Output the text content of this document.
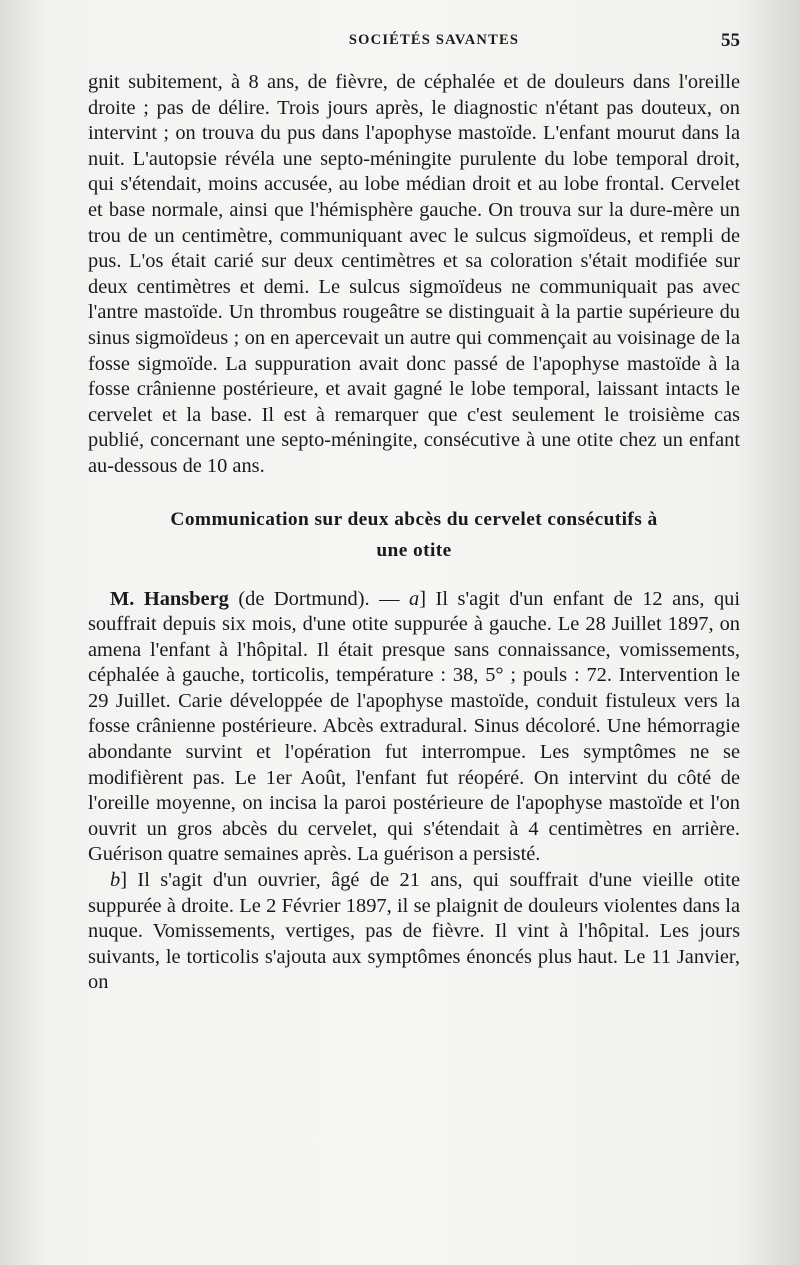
SOCIÉTÉS SAVANTES	55

gnit subitement, à 8 ans, de fièvre, de céphalée et de douleurs dans l'oreille droite ; pas de délire. Trois jours après, le diagnostic n'étant pas douteux, on intervint ; on trouva du pus dans l'apophyse mastoïde. L'enfant mourut dans la nuit. L'autopsie révéla une septo-méningite purulente du lobe temporal droit, qui s'étendait, moins accusée, au lobe médian droit et au lobe frontal. Cervelet et base normale, ainsi que l'hémisphère gauche. On trouva sur la dure-mère un trou de un centimètre, communiquant avec le sulcus sigmoïdeus, et rempli de pus. L'os était carié sur deux centimètres et sa coloration s'était modifiée sur deux centimètres et demi. Le sulcus sigmoïdeus ne communiquait pas avec l'antre mastoïde. Un thrombus rougeâtre se distinguait à la partie supérieure du sinus sigmoïdeus ; on en apercevait un autre qui commençait au voisinage de la fosse sigmoïde. La suppuration avait donc passé de l'apophyse mastoïde à la fosse crânienne postérieure, et avait gagné le lobe temporal, laissant intacts le cervelet et la base. Il est à remarquer que c'est seulement le troisième cas publié, concernant une septo-méningite, consécutive à une otite chez un enfant au-dessous de 10 ans.

Communication sur deux abcès du cervelet consécutifs à
une otite

M. Hansberg (de Dortmund). — a] Il s'agit d'un enfant de 12 ans, qui souffrait depuis six mois, d'une otite suppurée à gauche. Le 28 Juillet 1897, on amena l'enfant à l'hôpital. Il était presque sans connaissance, vomissements, céphalée à gauche, torticolis, température : 38, 5° ; pouls : 72. Intervention le 29 Juillet. Carie développée de l'apophyse mastoïde, conduit fistuleux vers la fosse crânienne postérieure. Abcès extradural. Sinus décoloré. Une hémorragie abondante survint et l'opération fut interrompue. Les symptômes ne se modifièrent pas. Le 1er Août, l'enfant fut réopéré. On intervint du côté de l'oreille moyenne, on incisa la paroi postérieure de l'apophyse mastoïde et l'on ouvrit un gros abcès du cervelet, qui s'étendait à 4 centimètres en arrière. Guérison quatre semaines après. La guérison a persisté.

b] Il s'agit d'un ouvrier, âgé de 21 ans, qui souffrait d'une vieille otite suppurée à droite. Le 2 Février 1897, il se plaignit de douleurs violentes dans la nuque. Vomissements, vertiges, pas de fièvre. Il vint à l'hôpital. Les jours suivants, le torticolis s'ajouta aux symptômes énoncés plus haut. Le 11 Janvier, on
